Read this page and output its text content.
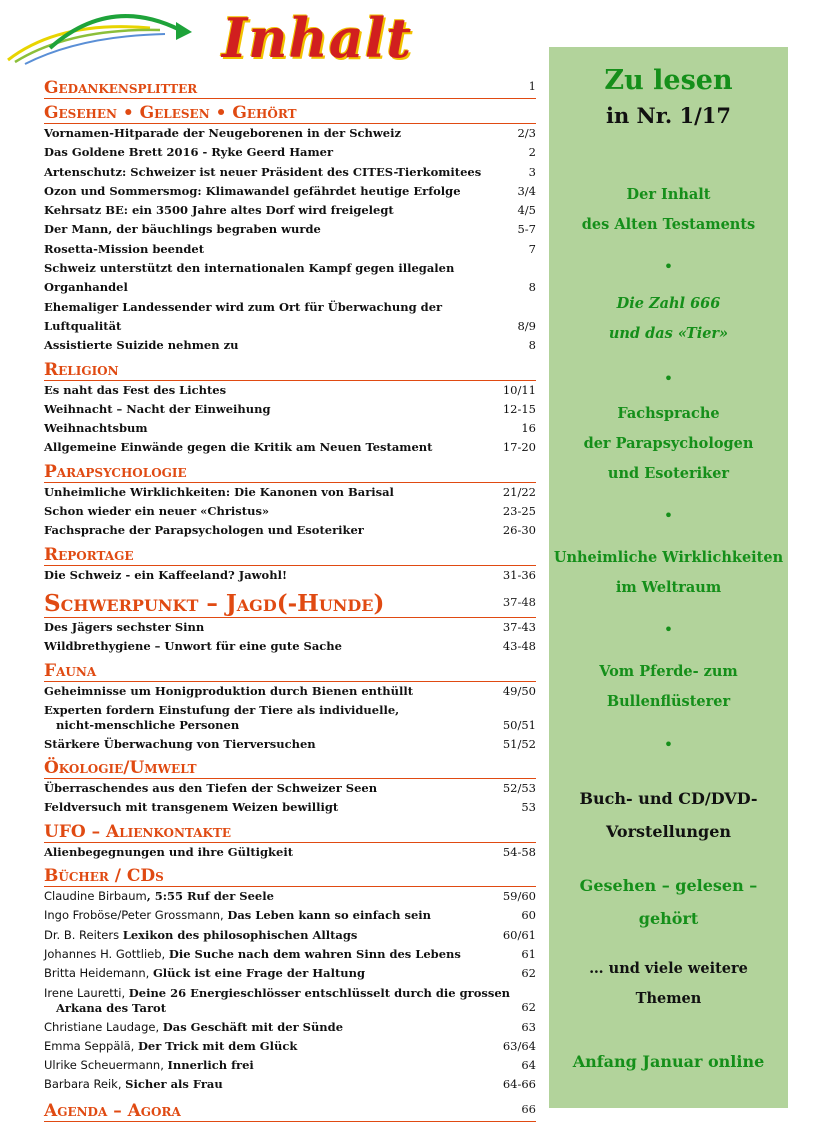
Inhalt
Gedankensplitter	1
Gesehen • Gelesen • Gehört
Vornamen-Hitparade der Neugeborenen in der Schweiz	2/3
Das Goldene Brett 2016 - Ryke Geerd Hamer	2
Artenschutz: Schweizer ist neuer Präsident des CITES-Tierkomitees	3
Ozon und Sommersmog: Klimawandel gefährdet heutige Erfolge	3/4
Kehrsatz BE: ein 3500 Jahre altes Dorf wird freigelegt	4/5
Der Mann, der bäuchlings begraben wurde	5-7
Rosetta-Mission beendet	7
Schweiz unterstützt den internationalen Kampf gegen illegalen Organhandel	8
Ehemaliger Landessender wird zum Ort für Überwachung der Luftqualität	8/9
Assistierte Suizide nehmen zu	8
Religion
Es naht das Fest des Lichtes	10/11
Weihnacht – Nacht der Einweihung	12-15
Weihnachtsbum	16
Allgemeine Einwände gegen die Kritik am Neuen Testament	17-20
Parapsychologie
Unheimliche Wirklichkeiten: Die Kanonen von Barisal	21/22
Schon wieder ein neuer «Christus»	23-25
Fachsprache der Parapsychologen und Esoteriker	26-30
Reportage
Die Schweiz - ein Kaffeeland? Jawohl!	31-36
Schwerpunkt – Jagd(-Hunde)	37-48
Des Jägers sechster Sinn	37-43
Wildbrethygiene – Unwort für eine gute Sache	43-48
Fauna
Geheimnisse um Honigproduktion durch Bienen enthüllt	49/50
Experten fordern Einstufung der Tiere als individuelle,
nicht-menschliche Personen	50/51
Stärkere Überwachung von Tierversuchen	51/52
Ökologie/Umwelt
Überraschendes aus den Tiefen der Schweizer Seen	52/53
Feldversuch mit transgenem Weizen bewilligt	53
UFO – Alienkontakte
Alienbegegnungen und ihre Gültigkeit	54-58
Bücher / CDs
Claudine Birbaum, 5:55 Ruf der Seele	59/60
Ingo Froböse/Peter Grossmann, Das Leben kann so einfach sein	60
Dr. B. Reiters Lexikon des philosophischen Alltags	60/61
Johannes H. Gottlieb, Die Suche nach dem wahren Sinn des Lebens	61
Britta Heidemann, Glück ist eine Frage der Haltung	62
Irene Lauretti, Deine 26 Energieschlösser entschlüsselt durch die grossen
Arkana des Tarot	62
Christiane Laudage, Das Geschäft mit der Sünde	63
Emma Seppälä, Der Trick mit dem Glück	63/64
Ulrike Scheuermann, Innerlich frei	64
Barbara Reik, Sicher als Frau	64-66
Agenda – Agora	66
Zu lesen
in Nr. 1/17
Der Inhalt
des Alten Testaments
•
Die Zahl 666
und das «Tier»
•
Fachsprache
der Parapsychologen
und Esoteriker
•
Unheimliche Wirklichkeiten
im Weltraum
•
Vom Pferde- zum
Bullenflüsterer
•
Buch- und CD/DVD-
Vorstellungen
Gesehen – gelesen –
gehört
… und viele weitere
Themen
Anfang Januar online
